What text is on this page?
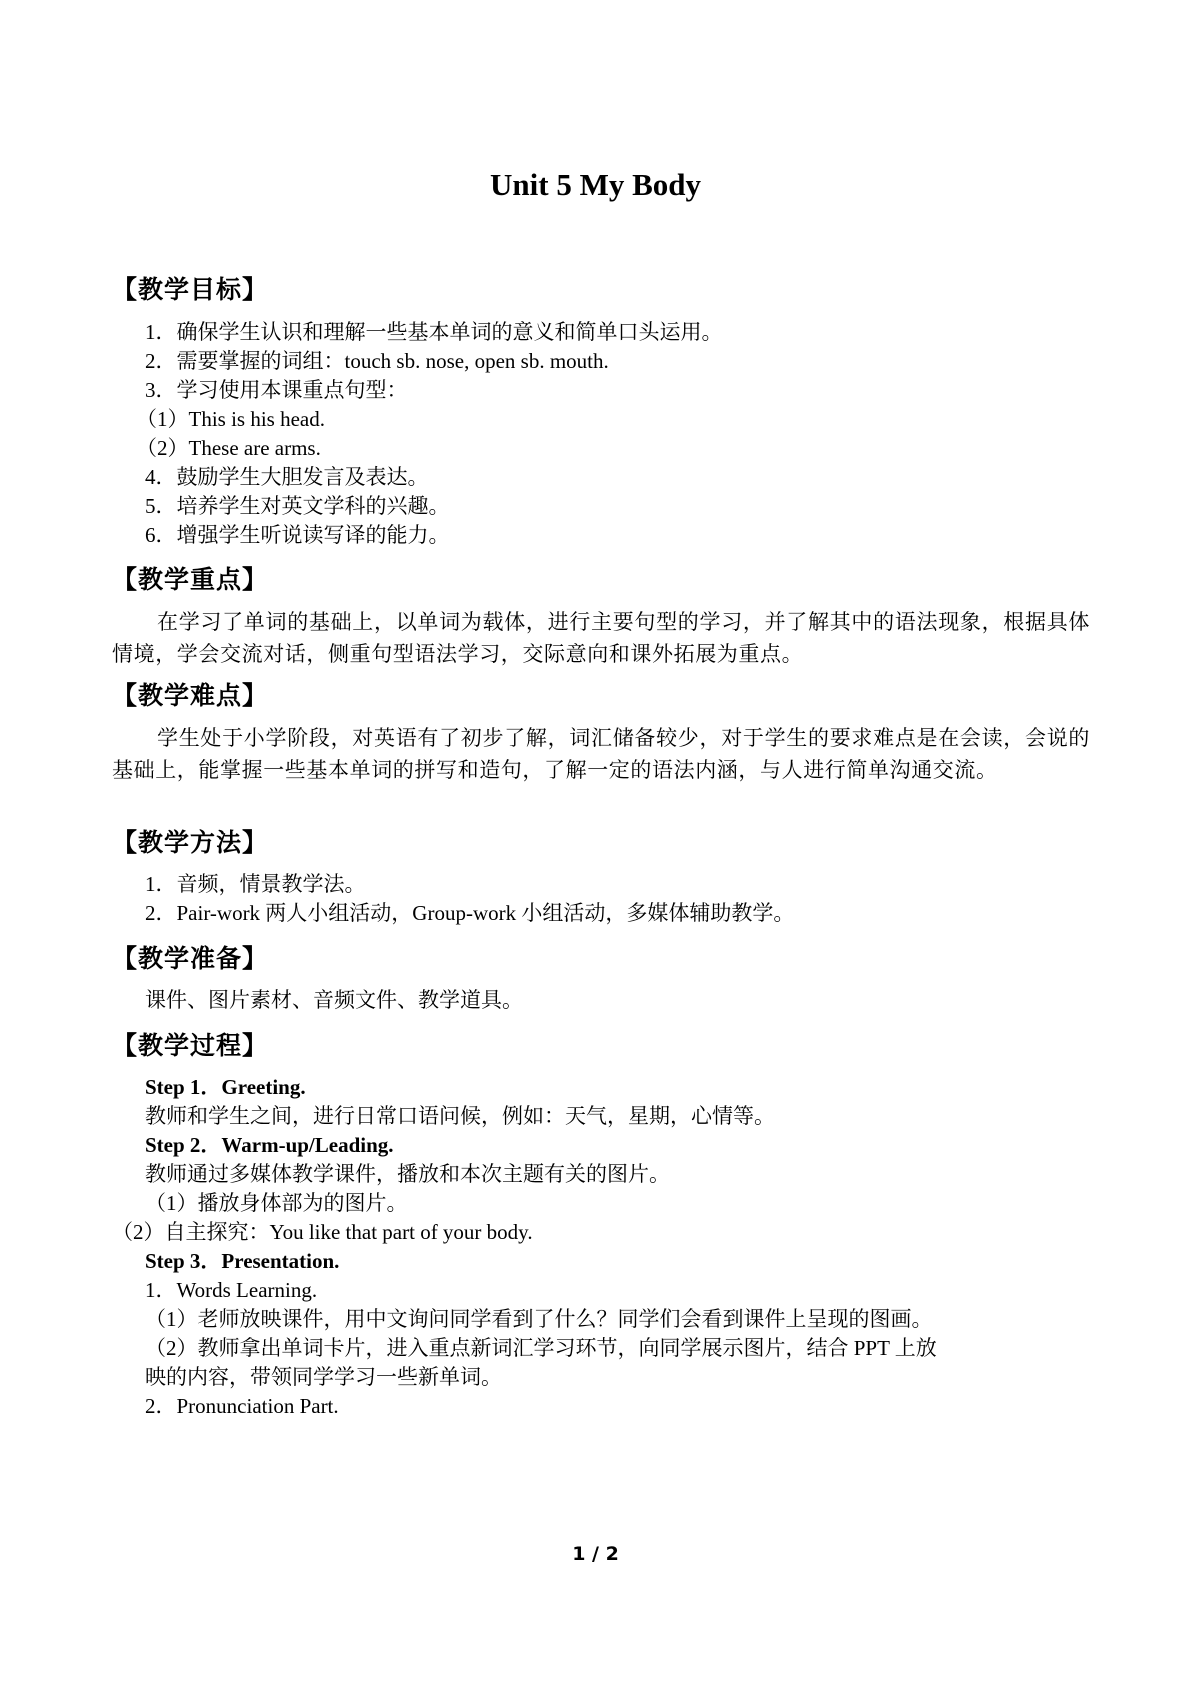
Unit 5 My Body
【教学目标】
1．确保学生认识和理解一些基本单词的意义和简单口头运用。
2．需要掌握的词组：touch sb. nose, open sb. mouth.
3．学习使用本课重点句型：
（1）This is his head.
（2）These are arms.
4．鼓励学生大胆发言及表达。
5．培养学生对英文学科的兴趣。
6．增强学生听说读写译的能力。
【教学重点】
在学习了单词的基础上，以单词为载体，进行主要句型的学习，并了解其中的语法现象，根据具体情境，学会交流对话，侧重句型语法学习，交际意向和课外拓展为重点。
【教学难点】
学生处于小学阶段，对英语有了初步了解，词汇储备较少，对于学生的要求难点是在会读，会说的基础上，能掌握一些基本单词的拼写和造句，了解一定的语法内涵，与人进行简单沟通交流。
【教学方法】
1．音频，情景教学法。
2．Pair-work 两人小组活动，Group-work 小组活动，多媒体辅助教学。
【教学准备】
课件、图片素材、音频文件、教学道具。
【教学过程】
Step 1．Greeting.
教师和学生之间，进行日常口语问候，例如：天气，星期，心情等。
Step 2．Warm-up/Leading.
教师通过多媒体教学课件，播放和本次主题有关的图片。
（1）播放身体部为的图片。
（2）自主探究：You like that part of your body.
Step 3．Presentation.
1．Words Learning.
（1）老师放映课件，用中文询问同学看到了什么？同学们会看到课件上呈现的图画。
（2）教师拿出单词卡片，进入重点新词汇学习环节，向同学展示图片，结合 PPT 上放
映的内容，带领同学学习一些新单词。
2．Pronunciation Part.
1 / 2
